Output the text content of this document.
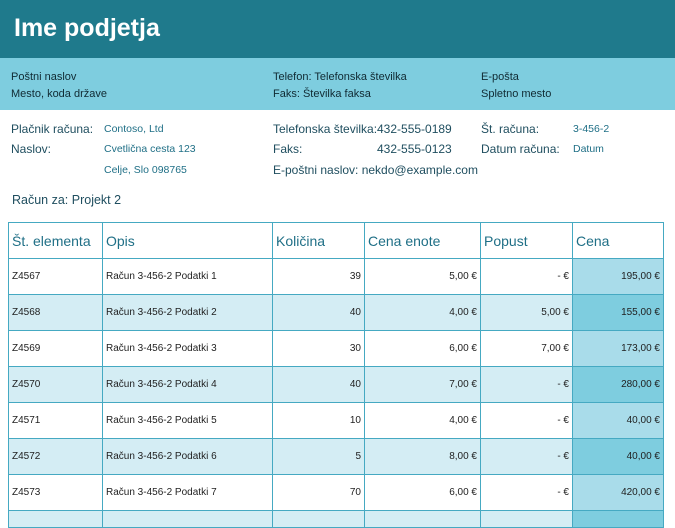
Ime podjetja
Poštni naslov
Mesto, koda države
Telefon: Telefonska številka
Faks: Številka faksa
E-pošta
Spletno mesto
Plačnik računa: Contoso, Ltd
Naslov:	Cvetlična cesta 123
Celje, Slo 098765
Telefonska številka: 432-555-0189
Faks:	432-555-0123
E-poštni naslov: nekdo@example.com
Št. računa:	3-456-2
Datum računa: Datum
Račun za: Projekt 2
Št. elementa	Opis	Količina	Cena enote	Popust	Cena
Z4567	Račun 3-456-2 Podatki 1	39	5,00 €	- €	195,00 €
Z4568	Račun 3-456-2 Podatki 2	40	4,00 €	5,00 €	155,00 €
Z4569	Račun 3-456-2 Podatki 3	30	6,00 €	7,00 €	173,00 €
Z4570	Račun 3-456-2 Podatki 4	40	7,00 €	- €	280,00 €
Z4571	Račun 3-456-2 Podatki 5	10	4,00 €	- €	40,00 €
Z4572	Račun 3-456-2 Podatki 6	5	8,00 €	- €	40,00 €
Z4573	Račun 3-456-2 Podatki 7	70	6,00 €	- €	420,00 €
